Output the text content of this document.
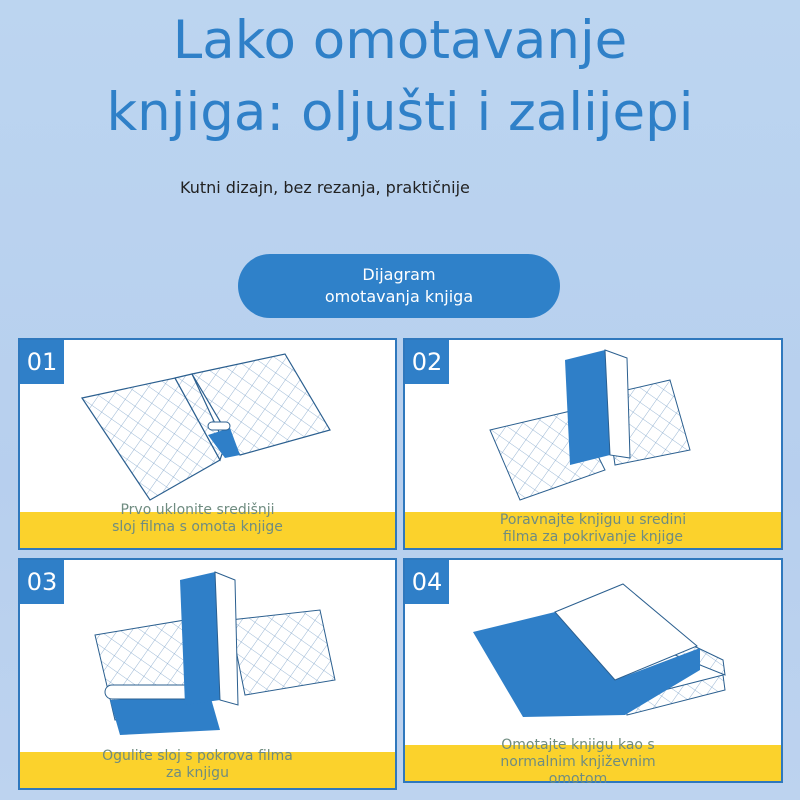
Lako omotavanje
knjiga: oljušti i zalijepi
Kutni dizajn, bez rezanja, praktičnije
Dijagram
omotavanja knjiga
01
Prvo uklonite središnji sloj filma s omota knjige
02
Poravnajte knjigu u sredini filma za pokrivanje knjige
03
Ogulite sloj s pokrova filma za knjigu
04
Omotajte knjigu kao s normalnim književnim omotom
